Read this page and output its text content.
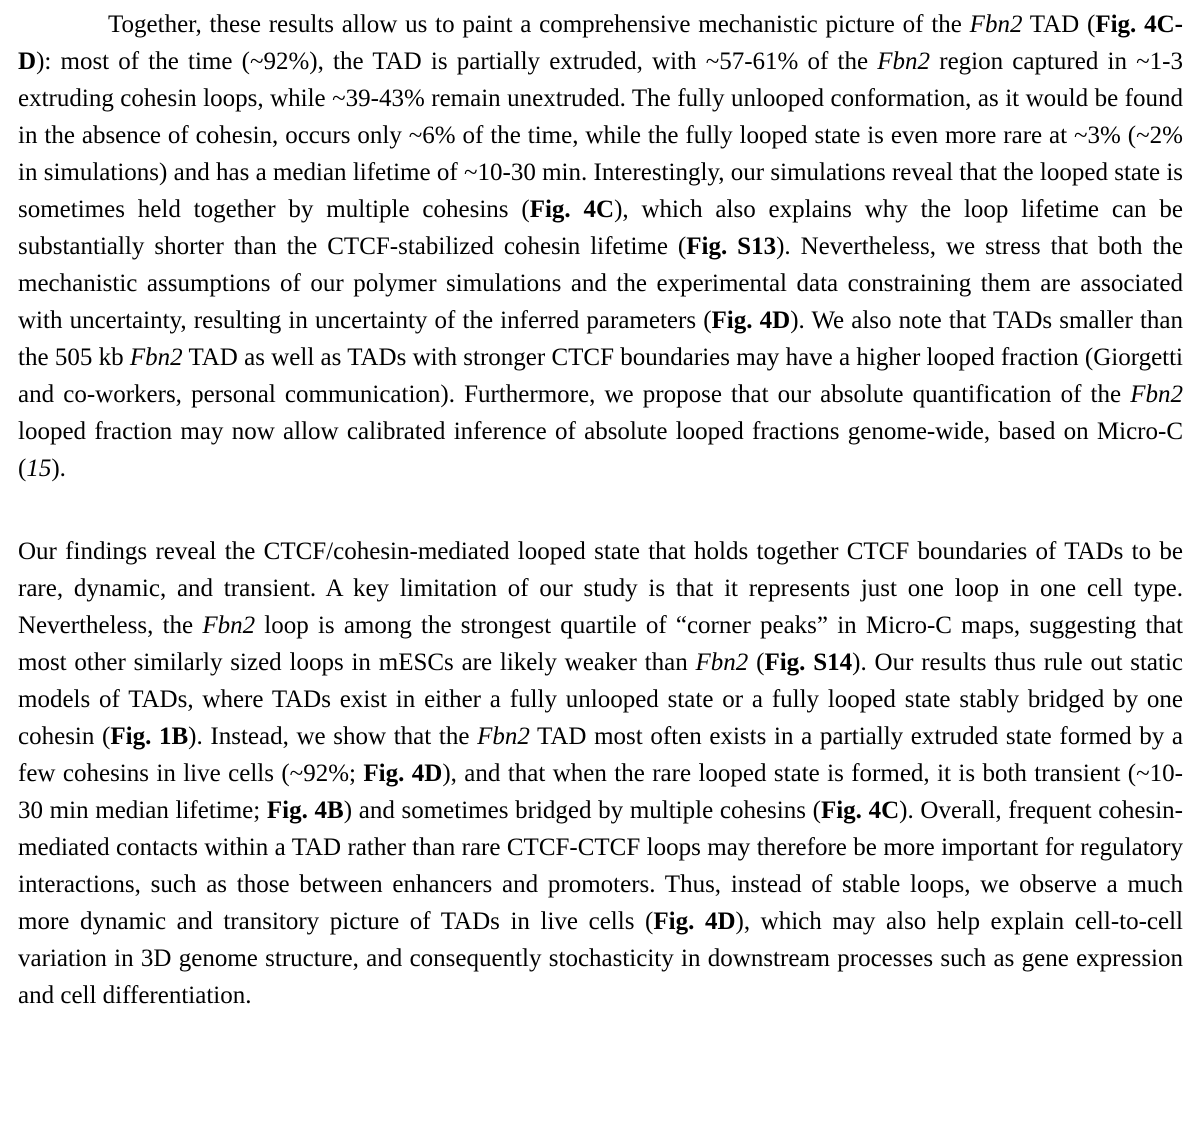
Together, these results allow us to paint a comprehensive mechanistic picture of the Fbn2 TAD (Fig. 4C-D): most of the time (~92%), the TAD is partially extruded, with ~57-61% of the Fbn2 region captured in ~1-3 extruding cohesin loops, while ~39-43% remain unextruded. The fully unlooped conformation, as it would be found in the absence of cohesin, occurs only ~6% of the time, while the fully looped state is even more rare at ~3% (~2% in simulations) and has a median lifetime of ~10-30 min. Interestingly, our simulations reveal that the looped state is sometimes held together by multiple cohesins (Fig. 4C), which also explains why the loop lifetime can be substantially shorter than the CTCF-stabilized cohesin lifetime (Fig. S13). Nevertheless, we stress that both the mechanistic assumptions of our polymer simulations and the experimental data constraining them are associated with uncertainty, resulting in uncertainty of the inferred parameters (Fig. 4D). We also note that TADs smaller than the 505 kb Fbn2 TAD as well as TADs with stronger CTCF boundaries may have a higher looped fraction (Giorgetti and co-workers, personal communication). Furthermore, we propose that our absolute quantification of the Fbn2 looped fraction may now allow calibrated inference of absolute looped fractions genome-wide, based on Micro-C (15).

Our findings reveal the CTCF/cohesin-mediated looped state that holds together CTCF boundaries of TADs to be rare, dynamic, and transient. A key limitation of our study is that it represents just one loop in one cell type. Nevertheless, the Fbn2 loop is among the strongest quartile of “corner peaks” in Micro-C maps, suggesting that most other similarly sized loops in mESCs are likely weaker than Fbn2 (Fig. S14). Our results thus rule out static models of TADs, where TADs exist in either a fully unlooped state or a fully looped state stably bridged by one cohesin (Fig. 1B). Instead, we show that the Fbn2 TAD most often exists in a partially extruded state formed by a few cohesins in live cells (~92%; Fig. 4D), and that when the rare looped state is formed, it is both transient (~10-30 min median lifetime; Fig. 4B) and sometimes bridged by multiple cohesins (Fig. 4C). Overall, frequent cohesin-mediated contacts within a TAD rather than rare CTCF-CTCF loops may therefore be more important for regulatory interactions, such as those between enhancers and promoters. Thus, instead of stable loops, we observe a much more dynamic and transitory picture of TADs in live cells (Fig. 4D), which may also help explain cell-to-cell variation in 3D genome structure, and consequently stochasticity in downstream processes such as gene expression and cell differentiation.
